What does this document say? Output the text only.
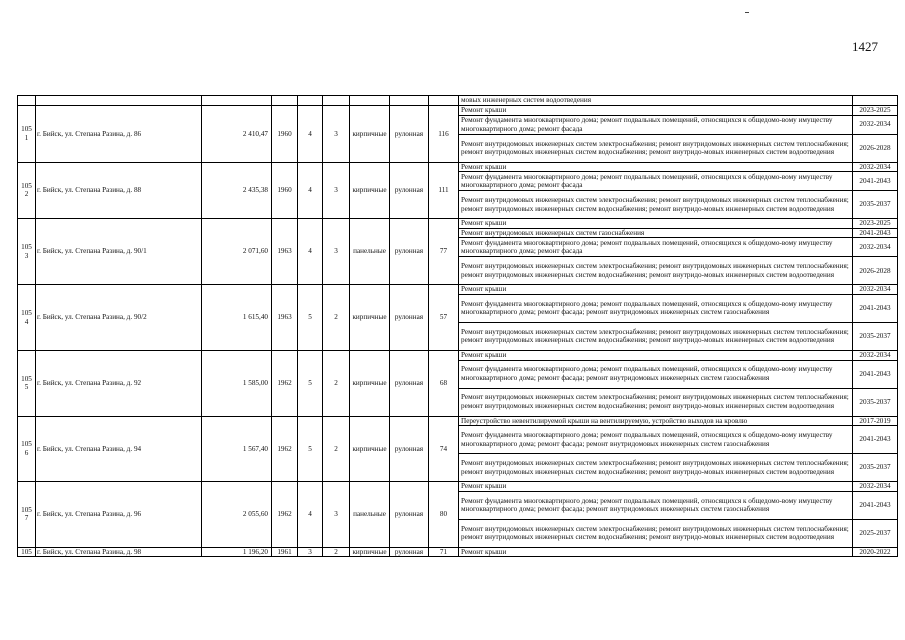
1427
									мовых инженерных систем водоотведения	
105
1	г. Бийск, ул. Степана Разина, д. 86	2 410,47	1960	4	3	кирпичные	рулонная	116	Ремонт крыши	2023-2025
									Ремонт фундамента многоквартирного дома; ремонт подвальных помещений, относящихся к общедомо-вому имуществу многоквартирного дома; ремонт фасада	2032-2034
									Ремонт внутридомовых инженерных систем электроснабжения; ремонт внутридомовых инженерных систем теплоснабжения; ремонт внутридомовых инженерных систем водоснабжения; ремонт внутридо-мовых инженерных систем водоотведения	2026-2028
105
2	г. Бийск, ул. Степана Разина, д. 88	2 435,38	1960	4	3	кирпичные	рулонная	111	Ремонт крыши	2032-2034
									Ремонт фундамента многоквартирного дома; ремонт подвальных помещений, относящихся к общедомо-вому имуществу многоквартирного дома; ремонт фасада	2041-2043
									Ремонт внутридомовых инженерных систем электроснабжения; ремонт внутридомовых инженерных систем теплоснабжения; ремонт внутридомовых инженерных систем водоснабжения; ремонт внутридо-мовых инженерных систем водоотведения	2035-2037
105
3	г. Бийск, ул. Степана Разина, д. 90/1	2 071,60	1963	4	3	панельные	рулонная	77	Ремонт крыши	2023-2025
									Ремонт внутридомовых инженерных систем газоснабжения	2041-2043
									Ремонт фундамента многоквартирного дома; ремонт подвальных помещений, относящихся к общедомо-вому имуществу многоквартирного дома; ремонт фасада	2032-2034
									Ремонт внутридомовых инженерных систем электроснабжения; ремонт внутридомовых инженерных систем теплоснабжения; ремонт внутридомовых инженерных систем водоснабжения; ремонт внутридо-мовых инженерных систем водоотведения	2026-2028
105
4	г. Бийск, ул. Степана Разина, д. 90/2	1 615,40	1963	5	2	кирпичные	рулонная	57	Ремонт крыши	2032-2034
									Ремонт фундамента многоквартирного дома; ремонт подвальных помещений, относящихся к общедомо-вому имуществу многоквартирного дома; ремонт фасада; ремонт внутридомовых инженерных систем газоснабжения	2041-2043
									Ремонт внутридомовых инженерных систем электроснабжения; ремонт внутридомовых инженерных систем теплоснабжения; ремонт внутридомовых инженерных систем водоснабжения; ремонт внутридо-мовых инженерных систем водоотведения	2035-2037
105
5	г. Бийск, ул. Степана Разина, д. 92	1 585,00	1962	5	2	кирпичные	рулонная	68	Ремонт крыши	2032-2034
									Ремонт фундамента многоквартирного дома; ремонт подвальных помещений, относящихся к общедомо-вому имуществу многоквартирного дома; ремонт фасада; ремонт внутридомовых инженерных систем газоснабжения	2041-2043
									Ремонт внутридомовых инженерных систем электроснабжения; ремонт внутридомовых инженерных систем теплоснабжения; ремонт внутридомовых инженерных систем водоснабжения; ремонт внутридо-мовых инженерных систем водоотведения	2035-2037
105
6	г. Бийск, ул. Степана Разина, д. 94	1 567,40	1962	5	2	кирпичные	рулонная	74	Переустройство невентилируемой крыши на вентилируемую, устройство выходов на кровлю	2017-2019
									Ремонт фундамента многоквартирного дома; ремонт подвальных помещений, относящихся к общедомо-вому имуществу многоквартирного дома; ремонт фасада; ремонт внутридомовых инженерных систем газоснабжения	2041-2043
									Ремонт внутридомовых инженерных систем электроснабжения; ремонт внутридомовых инженерных систем теплоснабжения; ремонт внутридомовых инженерных систем водоснабжения; ремонт внутридо-мовых инженерных систем водоотведения	2035-2037
105
7	г. Бийск, ул. Степана Разина, д. 96	2 055,60	1962	4	3	панельные	рулонная	80	Ремонт крыши	2032-2034
									Ремонт фундамента многоквартирного дома; ремонт подвальных помещений, относящихся к общедомо-вому имуществу многоквартирного дома; ремонт фасада; ремонт внутридомовых инженерных систем газоснабжения	2041-2043
									Ремонт внутридомовых инженерных систем электроснабжения; ремонт внутридомовых инженерных систем теплоснабжения; ремонт внутридомовых инженерных систем водоснабжения; ремонт внутридо-мовых инженерных систем водоотведения	2025-2037
105	г. Бийск, ул. Степана Разина, д. 98	1 196,20	1961	3	2	кирпичные	рулонная	71	Ремонт крыши	2020-2022
